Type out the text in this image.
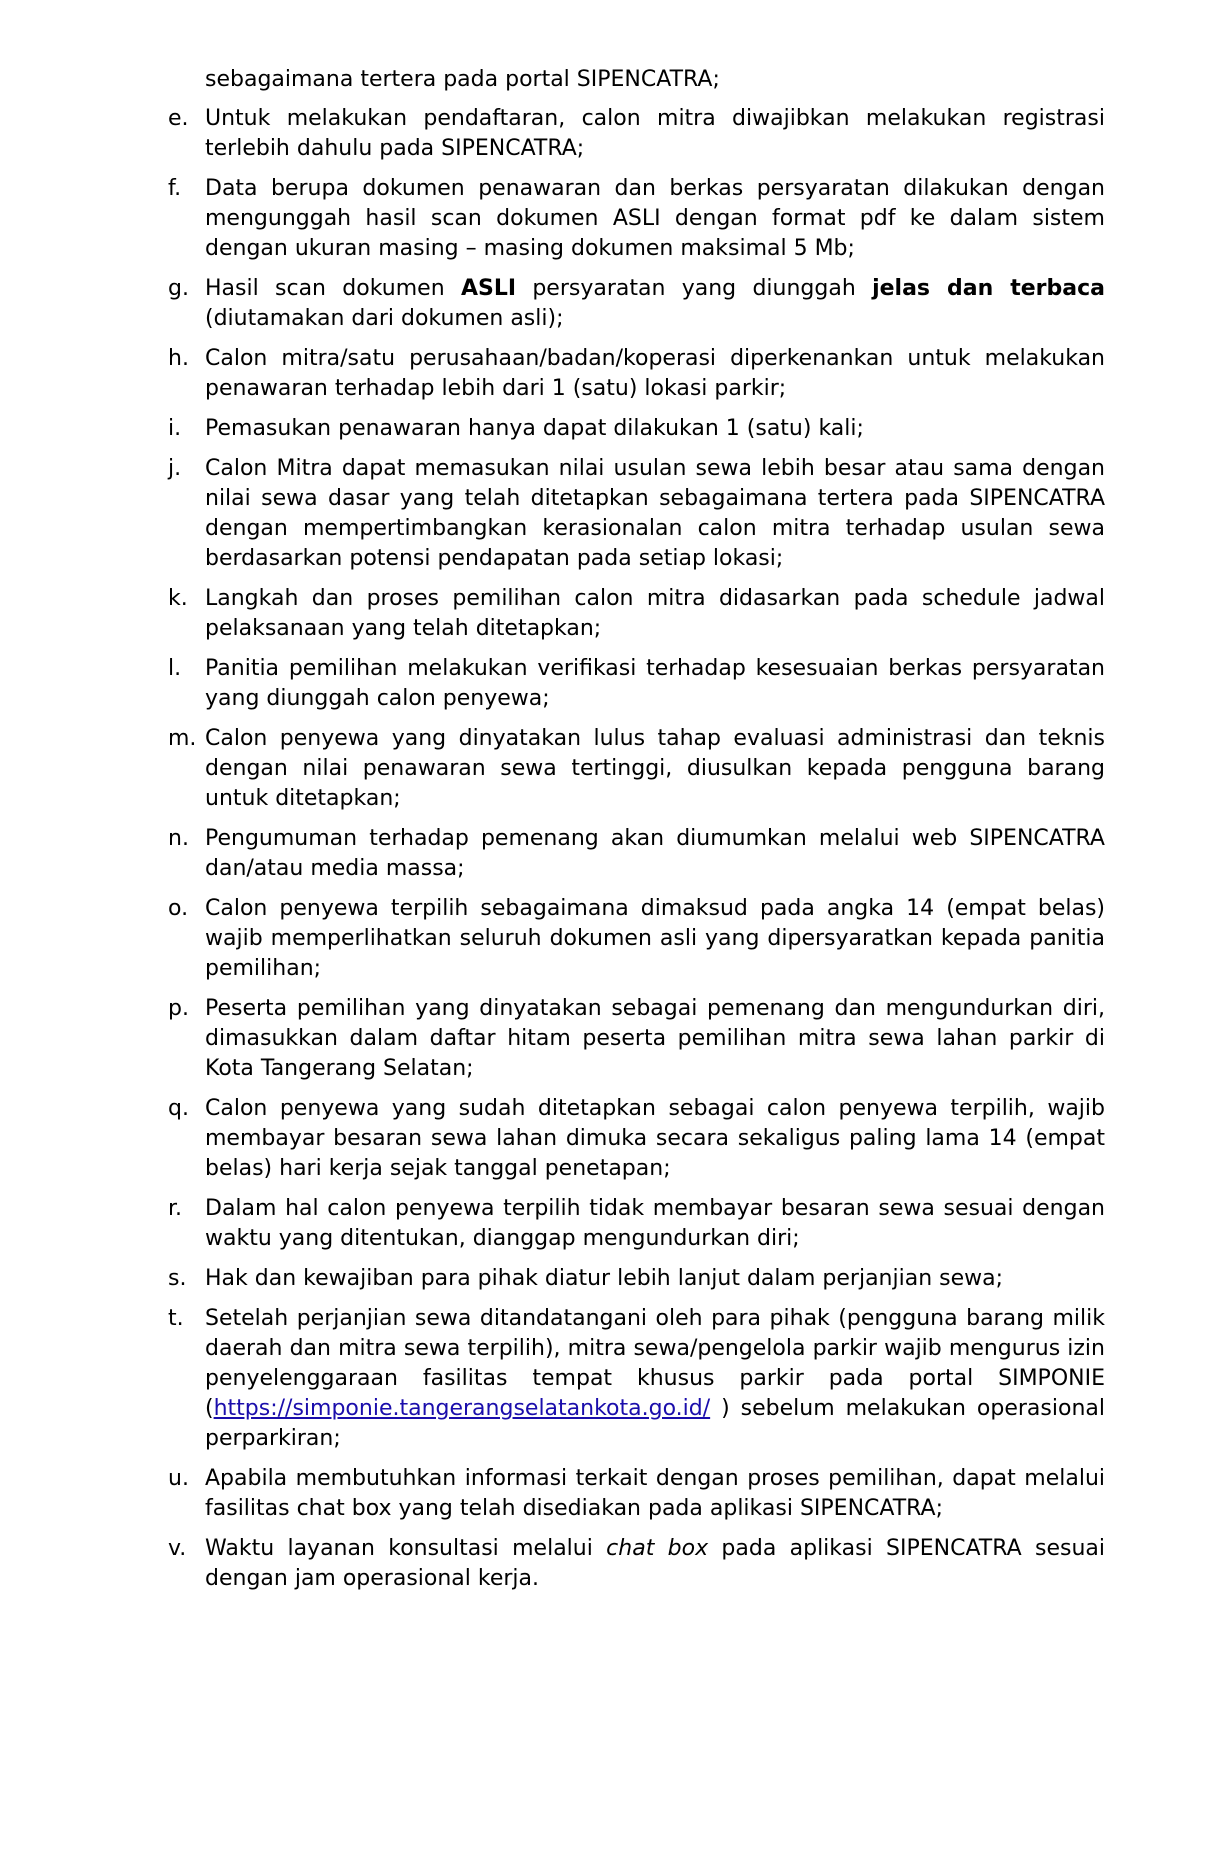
sebagaimana tertera pada portal SIPENCATRA;

e. Untuk melakukan pendaftaran, calon mitra diwajibkan melakukan registrasi terlebih dahulu pada SIPENCATRA;
f.	Data berupa dokumen penawaran dan berkas persyaratan dilakukan dengan mengunggah hasil scan dokumen ASLI dengan format pdf ke dalam sistem dengan ukuran masing – masing dokumen maksimal 5 Mb;
g. Hasil scan dokumen ASLI persyaratan yang diunggah jelas dan terbaca (diutamakan dari dokumen asli);
h. Calon mitra/satu perusahaan/badan/koperasi diperkenankan untuk melakukan penawaran terhadap lebih dari 1 (satu) lokasi parkir;
i.	Pemasukan penawaran hanya dapat dilakukan 1 (satu) kali;
j.	Calon Mitra dapat memasukan nilai usulan sewa lebih besar atau sama dengan nilai sewa dasar yang telah ditetapkan sebagaimana tertera pada SIPENCATRA dengan mempertimbangkan kerasionalan calon mitra terhadap usulan sewa berdasarkan potensi pendapatan pada setiap lokasi;
k. Langkah dan proses pemilihan calon mitra didasarkan pada schedule jadwal pelaksanaan yang telah ditetapkan;
l.	Panitia pemilihan melakukan verifikasi terhadap kesesuaian berkas persyaratan yang diunggah calon penyewa;
m. Calon penyewa yang dinyatakan lulus tahap evaluasi administrasi dan teknis dengan nilai penawaran sewa tertinggi, diusulkan kepada pengguna barang untuk ditetapkan;
n. Pengumuman terhadap pemenang akan diumumkan melalui web SIPENCATRA dan/atau media massa;
o. Calon penyewa terpilih sebagaimana dimaksud pada angka 14 (empat belas) wajib memperlihatkan seluruh dokumen asli yang dipersyaratkan kepada panitia pemilihan;
p. Peserta pemilihan yang dinyatakan sebagai pemenang dan mengundurkan diri, dimasukkan dalam daftar hitam peserta pemilihan mitra sewa lahan parkir di Kota Tangerang Selatan;
q. Calon penyewa yang sudah ditetapkan sebagai calon penyewa terpilih, wajib membayar besaran sewa lahan dimuka secara sekaligus paling lama 14 (empat belas) hari kerja sejak tanggal penetapan;
r.	Dalam hal calon penyewa terpilih tidak membayar besaran sewa sesuai dengan waktu yang ditentukan, dianggap mengundurkan diri;
s. Hak dan kewajiban para pihak diatur lebih lanjut dalam perjanjian sewa;
t. Setelah perjanjian sewa ditandatangani oleh para pihak (pengguna barang milik daerah dan mitra sewa terpilih), mitra sewa/pengelola parkir wajib mengurus izin penyelenggaraan fasilitas tempat khusus parkir pada portal SIMPONIE (https://simponie.tangerangselatankota.go.id/ ) sebelum melakukan operasional perparkiran;
u. Apabila membutuhkan informasi terkait dengan proses pemilihan, dapat melalui fasilitas chat box yang telah disediakan pada aplikasi SIPENCATRA;
v. Waktu layanan konsultasi melalui chat box pada aplikasi SIPENCATRA sesuai dengan jam operasional kerja.
